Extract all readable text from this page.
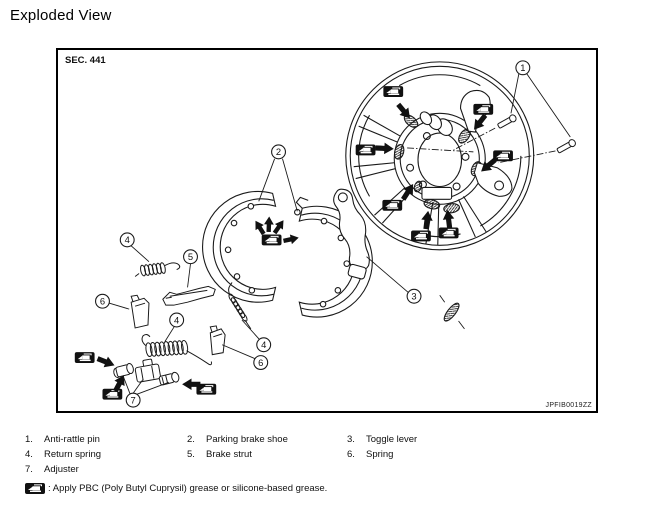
Exploded View
1
2
3
4
5
6
4
4
6
7
SEC. 441
JPFIB0019ZZ
1. Anti-rattle pin	2. Parking brake shoe	3. Toggle lever
4. Return spring	5. Brake strut	6. Spring
7. Adjuster
: Apply PBC (Poly Butyl Cuprysil) grease or silicone-based grease.
